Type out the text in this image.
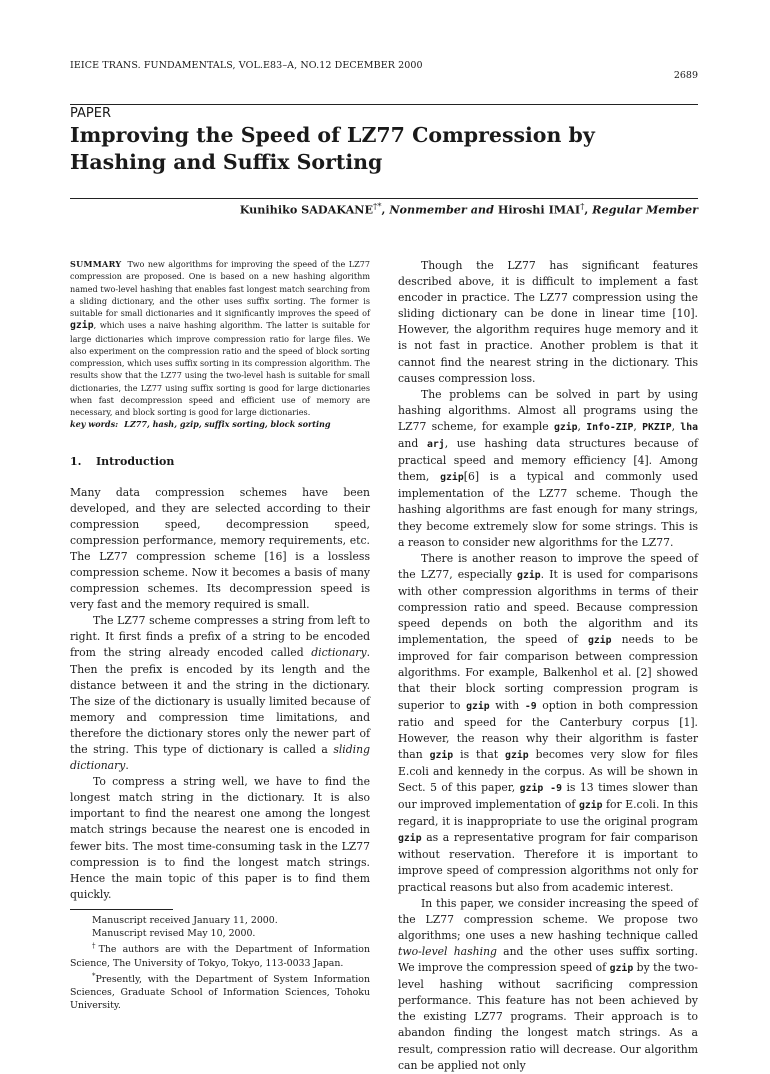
IEICE TRANS. FUNDAMENTALS, VOL.E83–A, NO.12 DECEMBER 2000
2689
PAPER
Improving the Speed of LZ77 Compression by Hashing and Suffix Sorting
Kunihiko SADAKANE†*, Nonmember and Hiroshi IMAI†, Regular Member

SUMMARY Two new algorithms for improving the speed of the LZ77 compression are proposed. One is based on a new hashing algorithm named two-level hashing that enables fast longest match searching from a sliding dictionary, and the other uses suffix sorting. The former is suitable for small dictionaries and it significantly improves the speed of gzip, which uses a naive hashing algorithm. The latter is suitable for large dictionaries which improve compression ratio for large files. We also experiment on the compression ratio and the speed of block sorting compression, which uses suffix sorting in its compression algorithm. The results show that the LZ77 using the two-level hash is suitable for small dictionaries, the LZ77 using suffix sorting is good for large dictionaries when fast decompression speed and efficient use of memory are necessary, and block sorting is good for large dictionaries.

key words: LZ77, hash, gzip, suffix sorting, block sorting

1. Introduction

Many data compression schemes have been developed, and they are selected according to their compression speed, decompression speed, compression performance, memory requirements, etc. The LZ77 compression scheme [16] is a lossless compression scheme. Now it becomes a basis of many compression schemes. Its decompression speed is very fast and the memory required is small.

The LZ77 scheme compresses a string from left to right. It first finds a prefix of a string to be encoded from the string already encoded called dictionary. Then the prefix is encoded by its length and the distance between it and the string in the dictionary. The size of the dictionary is usually limited because of memory and compression time limitations, and therefore the dictionary stores only the newer part of the string. This type of dictionary is called a sliding dictionary.

To compress a string well, we have to find the longest match string in the dictionary. It is also important to find the nearest one among the longest match strings because the nearest one is encoded in fewer bits. The most time-consuming task in the LZ77 compression is to find the longest match strings. Hence the main topic of this paper is to find them quickly.

Manuscript received January 11, 2000.

Manuscript revised May 10, 2000.

†The authors are with the Department of Information Science, The University of Tokyo, Tokyo, 113-0033 Japan.

*Presently, with the Department of System Information Sciences, Graduate School of Information Sciences, Tohoku University.

Though the LZ77 has significant features described above, it is difficult to implement a fast encoder in practice. The LZ77 compression using the sliding dictionary can be done in linear time [10]. However, the algorithm requires huge memory and it is not fast in practice. Another problem is that it cannot find the nearest string in the dictionary. This causes compression loss.

The problems can be solved in part by using hashing algorithms. Almost all programs using the LZ77 scheme, for example gzip, Info-ZIP, PKZIP, lha and arj, use hashing data structures because of practical speed and memory efficiency [4]. Among them, gzip[6] is a typical and commonly used implementation of the LZ77 scheme. Though the hashing algorithms are fast enough for many strings, they become extremely slow for some strings. This is a reason to consider new algorithms for the LZ77.

There is another reason to improve the speed of the LZ77, especially gzip. It is used for comparisons with other compression algorithms in terms of their compression ratio and speed. Because compression speed depends on both the algorithm and its implementation, the speed of gzip needs to be improved for fair comparison between compression algorithms. For example, Balkenhol et al. [2] showed that their block sorting compression program is superior to gzip with -9 option in both compression ratio and speed for the Canterbury corpus [1]. However, the reason why their algorithm is faster than gzip is that gzip becomes very slow for files E.coli and kennedy in the corpus. As will be shown in Sect. 5 of this paper, gzip -9 is 13 times slower than our improved implementation of gzip for E.coli. In this regard, it is inappropriate to use the original program gzip as a representative program for fair comparison without reservation. Therefore it is important to improve speed of compression algorithms not only for practical reasons but also from academic interest.

In this paper, we consider increasing the speed of the LZ77 compression scheme. We propose two algorithms; one uses a new hashing technique called two-level hashing and the other uses suffix sorting. We improve the compression speed of gzip by the two-level hashing without sacrificing compression performance. This feature has not been achieved by the existing LZ77 programs. Their approach is to abandon finding the longest match strings. As a result, compression ratio will decrease. Our algorithm can be applied not only
